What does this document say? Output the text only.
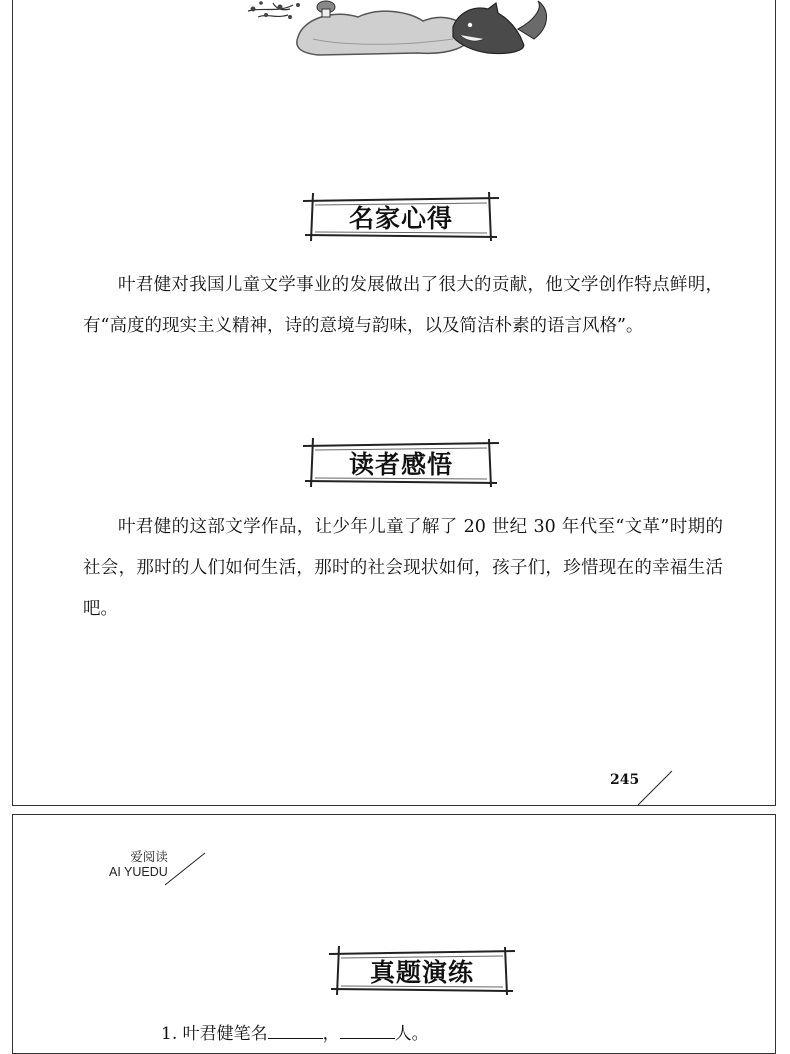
名家心得

叶君健对我国儿童文学事业的发展做出了很大的贡献，他文学创作特点鲜明，有“高度的现实主义精神，诗的意境与韵味，以及简洁朴素的语言风格”。

读者感悟

叶君健的这部文学作品，让少年儿童了解了 20 世纪 30 年代至“文革”时期的社会，那时的人们如何生活，那时的社会现状如何，孩子们，珍惜现在的幸福生活吧。

245
爱阅读
AI YUEDU
真题演练
1. 叶君健笔名	，	人。
